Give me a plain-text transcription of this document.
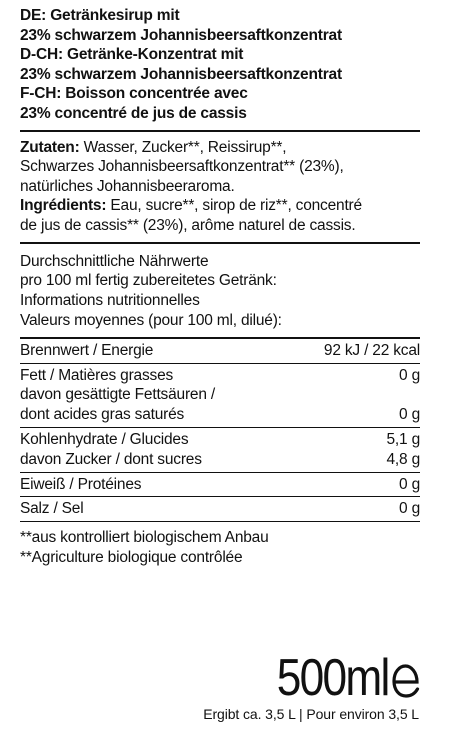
DE: Getränkesirup mit
23% schwarzem Johannisbeersaftkonzentrat
D-CH: Getränke-Konzentrat mit
23% schwarzem Johannisbeersaftkonzentrat
F-CH: Boisson concentrée avec
23% concentré de jus de cassis
Zutaten: Wasser, Zucker**, Reissirup**,
Schwarzes Johannisbeersaftkonzentrat** (23%),
natürliches Johannisbeeraroma.
Ingrédients: Eau, sucre**, sirop de riz**, concentré
de jus de cassis** (23%), arôme naturel de cassis.
Durchschnittliche Nährwerte
pro 100 ml fertig zubereitetes Getränk:
Informations nutritionnelles
Valeurs moyennes (pour 100 ml, dilué):
Brennwert / Energie	92 kJ / 22 kcal
Fett / Matières grasses	0 g
davon gesättigte Fettsäuren /
dont acides gras saturés	0 g
Kohlenhydrate / Glucides	5,1 g
davon Zucker / dont sucres	4,8 g
Eiweiß / Protéines	0 g
Salz / Sel	0 g
**aus kontrolliert biologischem Anbau
**Agriculture biologique contrôlée
500ml
Ergibt ca. 3,5 L | Pour environ 3,5 L
